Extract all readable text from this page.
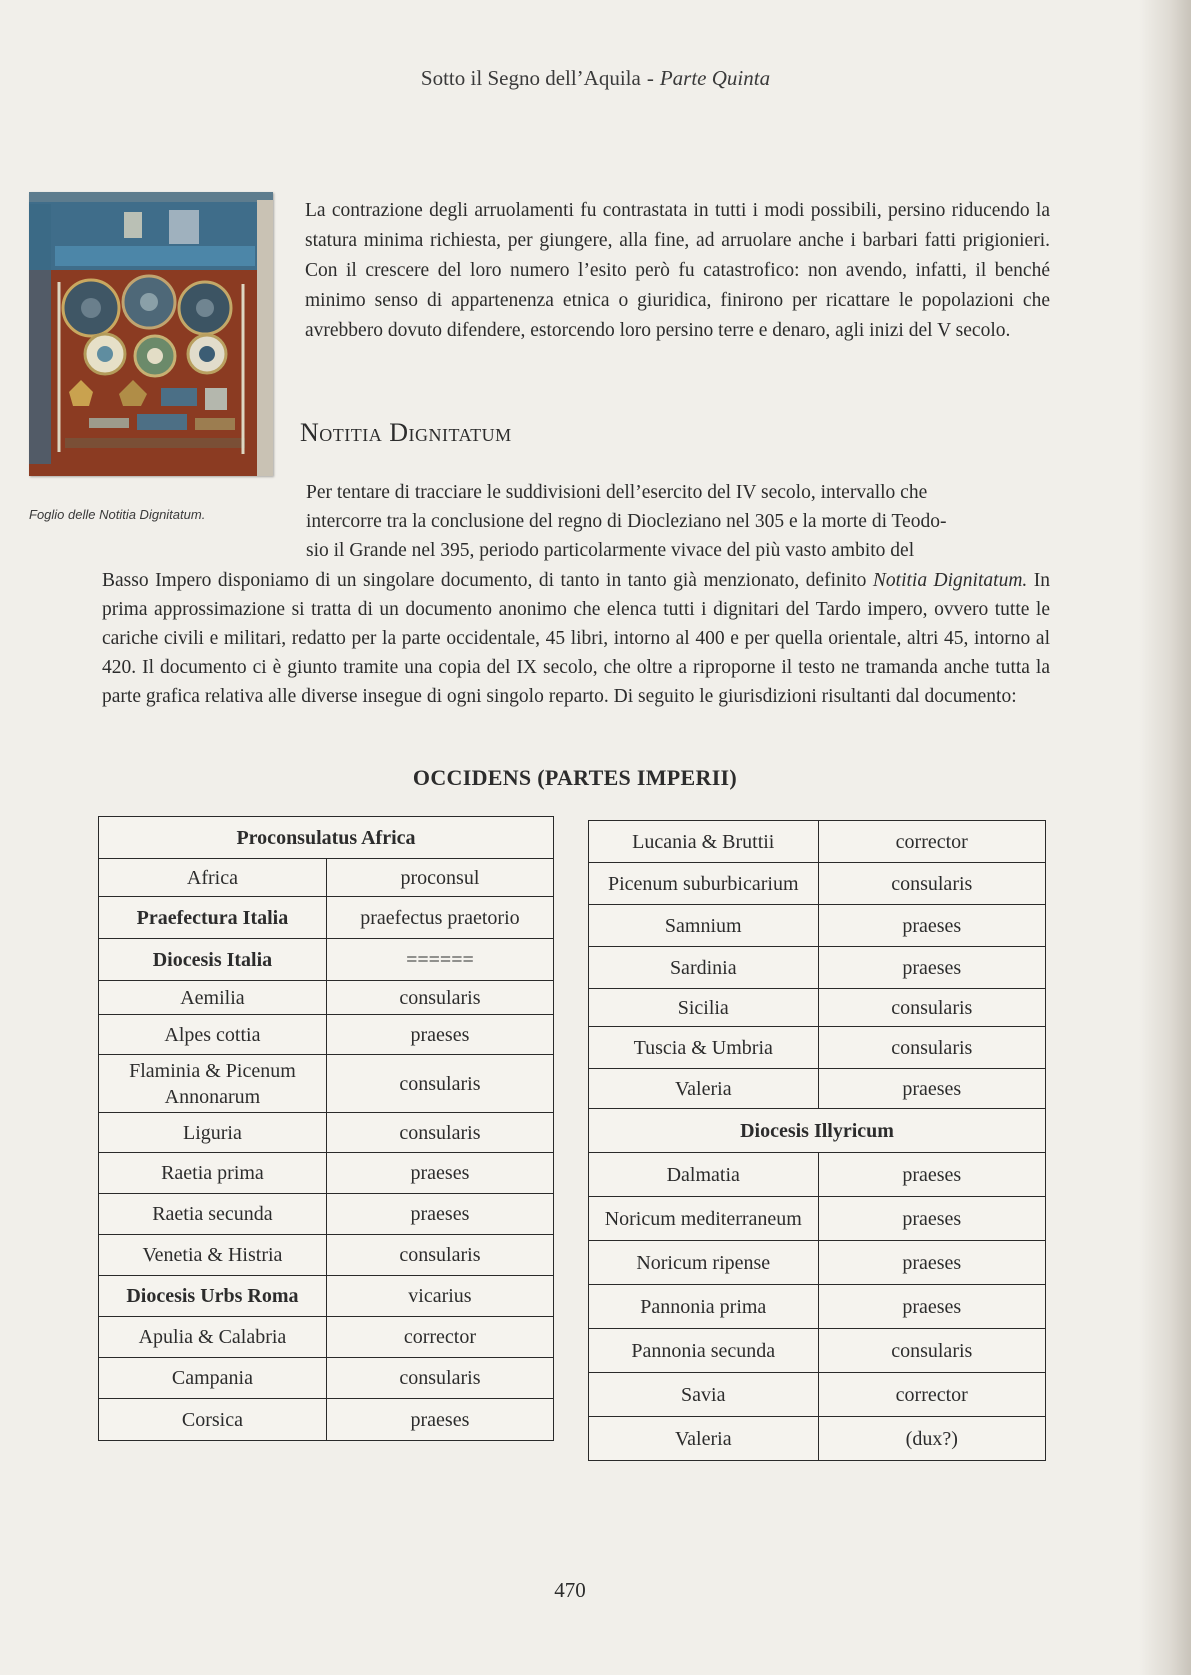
Sotto il Segno dell’Aquila - Parte Quinta
Foglio delle Notitia Dignitatum.

La contrazione degli arruolamenti fu contrastata in tutti i modi possibili, persino riducendo la statura minima richiesta, per giungere, alla fine, ad arruolare anche i barbari fatti prigionieri. Con il crescere del loro numero l’esito però fu catastrofico: non avendo, infatti, il benché minimo senso di appartenenza etnica o giuridica, finirono per ricattare le popolazioni che avrebbero dovuto difendere, estorcendo loro persino terre e denaro, agli inizi del V secolo.

Notitia Dignitatum

Per tentare di tracciare le suddivisioni dell’esercito del IV secolo, intervallo che
intercorre tra la conclusione del regno di Diocleziano nel 305 e la morte di Teodo-
sio il Grande nel 395, periodo particolarmente vivace del più vasto ambito del
Basso Impero disponiamo di un singolare documento, di tanto in tanto già menzionato, definito Notitia Dignitatum. In prima approssimazione si tratta di un documento anonimo che elenca tutti i dignitari del Tardo impero, ovvero tutte le cariche civili e militari, redatto per la parte occidentale, 45 libri, intorno al 400 e per quella orientale, altri 45, intorno al 420. Il documento ci è giunto tramite una copia del IX secolo, che oltre a riproporne il testo ne tramanda anche tutta la parte grafica relativa alle diverse insegue di ogni singolo reparto. Di seguito le giurisdizioni risultanti dal documento:

OCCIDENS (PARTES IMPERII)
Proconsulatus Africa	
Africa	proconsul
Praefectura Italia	praefectus praetorio
Diocesis Italia	======
Aemilia	consularis
Alpes cottia	praeses
Flaminia & Picenum Annonarum	consularis
Liguria	consularis
Raetia prima	praeses
Raetia secunda	praeses
Venetia & Histria	consularis
Diocesis Urbs Roma	vicarius
Apulia & Calabria	corrector
Campania	consularis
Corsica	praeses
Lucania & Bruttii	corrector
Picenum suburbicarium	consularis
Samnium	praeses
Sardinia	praeses
Sicilia	consularis
Tuscia & Umbria	consularis
Valeria	praeses
Diocesis Illyricum	
Dalmatia	praeses
Noricum mediterraneum	praeses
Noricum ripense	praeses
Pannonia prima	praeses
Pannonia secunda	consularis
Savia	corrector
Valeria	(dux?)
470
